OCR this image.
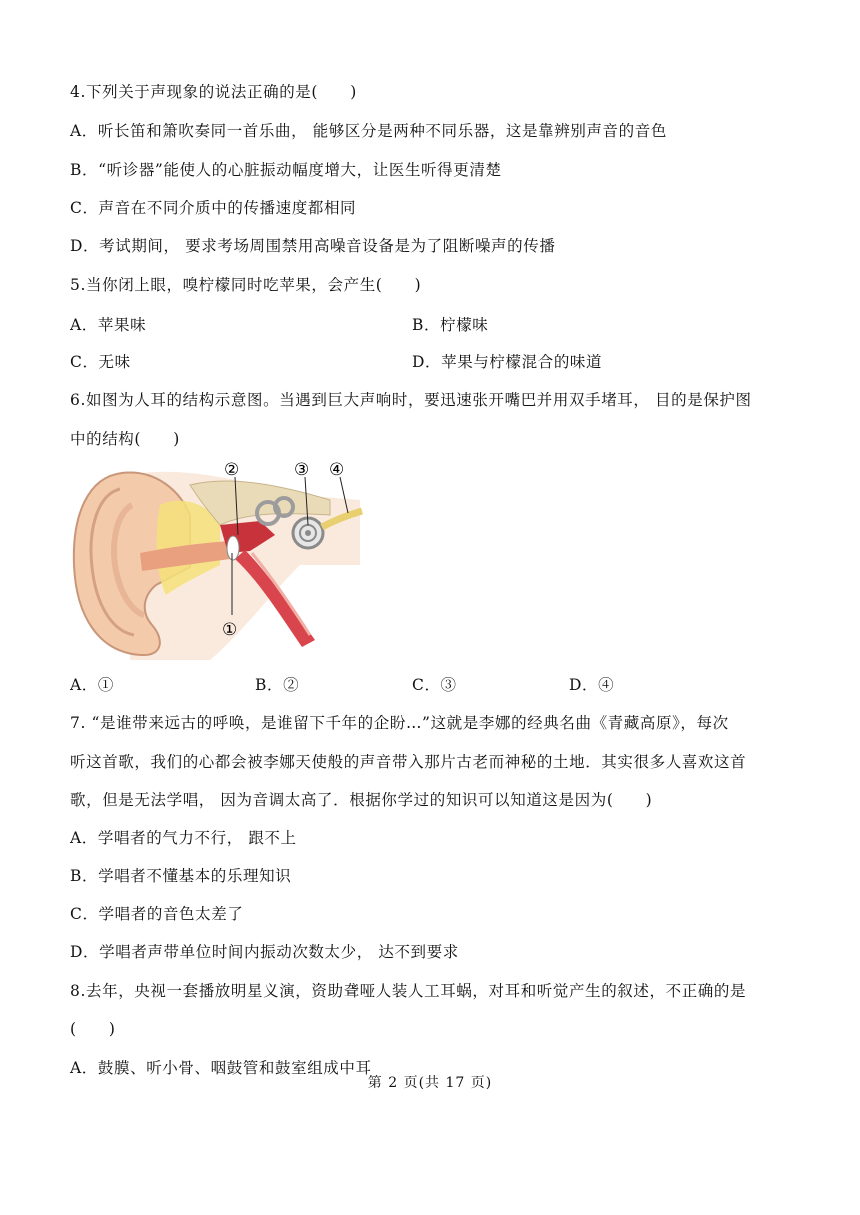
4.下列关于声现象的说法正确的是(　　)
A．听长笛和箫吹奏同一首乐曲， 能够区分是两种不同乐器，这是靠辨别声音的音色
B．“听诊器”能使人的心脏振动幅度增大，让医生听得更清楚
C．声音在不同介质中的传播速度都相同
D．考试期间， 要求考场周围禁用高噪音设备是为了阻断噪声的传播
5.当你闭上眼，嗅柠檬同时吃苹果，会产生(　　)
A．苹果味	B．柠檬味
C．无味	D．苹果与柠檬混合的味道
6.如图为人耳的结构示意图。当遇到巨大声响时，要迅速张开嘴巴并用双手堵耳， 目的是保护图
中的结构(　　)
②	③ ④
①
A．①	B．②	C．③	D．④
7. “是谁带来远古的呼唤，是谁留下千年的企盼…”这就是李娜的经典名曲《青藏高原》，每次
听这首歌，我们的心都会被李娜天使般的声音带入那片古老而神秘的土地．其实很多人喜欢这首
歌，但是无法学唱， 因为音调太高了．根据你学过的知识可以知道这是因为(　　)
A．学唱者的气力不行， 跟不上
B．学唱者不懂基本的乐理知识
C．学唱者的音色太差了
D．学唱者声带单位时间内振动次数太少， 达不到要求
8.去年，央视一套播放明星义演，资助聋哑人装人工耳蜗，对耳和听觉产生的叙述，不正确的是
(　　)
A．鼓膜、听小骨、咽鼓管和鼓室组成中耳
第 2 页(共 17 页)
